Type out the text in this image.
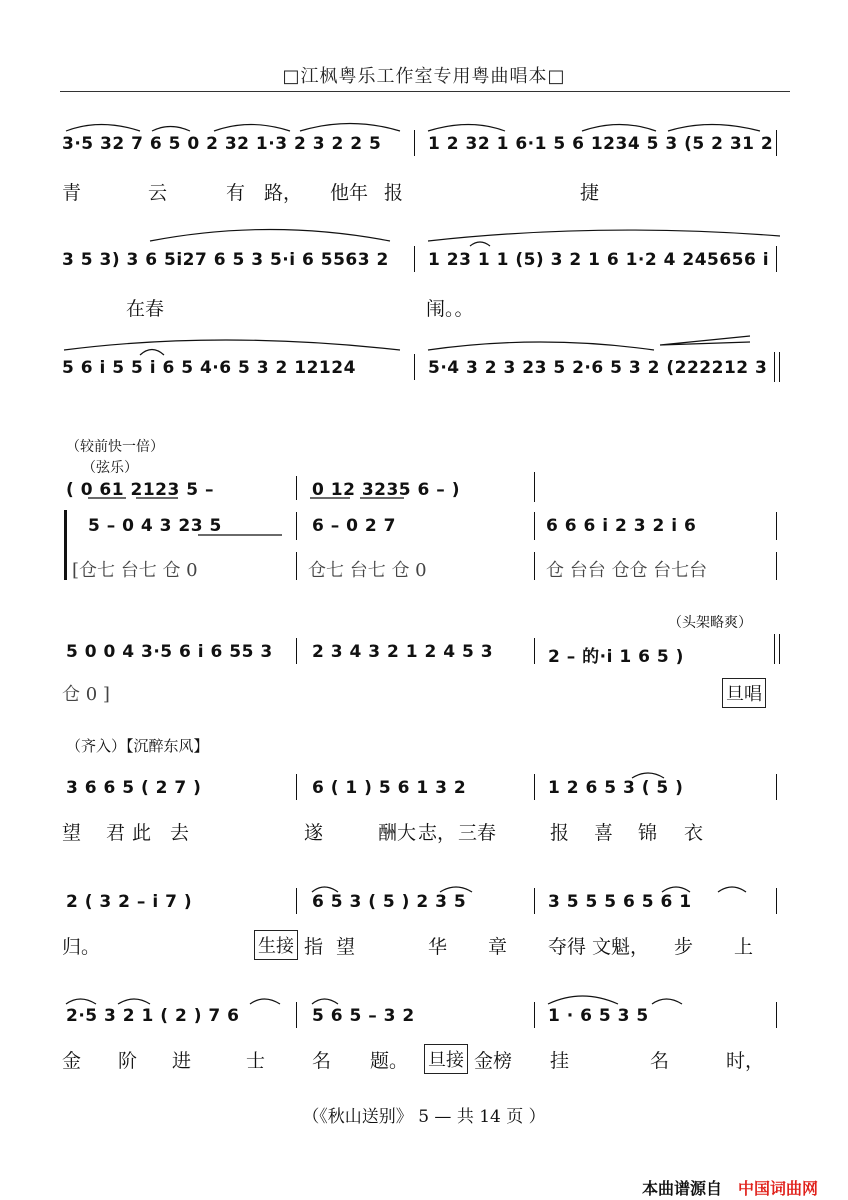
□江枫粤乐工作室专用粤曲唱本□
3·5 32 7 6 5 0 2 32 1·3 2 3 2 2 5	1 2 32 1 6·1 5 6 1234 5 3 (5 2 31 2
青	云	有 路， 他年 报	捷
3 5 3) 3 6 5i27 6 5 3 5·i 6 5563 2 1 23 1 1 (5) 3 2 1 6 1·2 4 245656 i
在春	闱。。
5 6 i 5 5 i 6 5 4·6 5 3 2 12124	5·4 3 2 3 23 5 2·6 5 3 2 (222212 3
（较前快一倍）
（弦乐）
( 0 61 2123 5 –	0 12 3235 6 – )
5 – 0 4 3 23 5	6 – 0 2 7	6 6 6 i 2 3 2 i 6
[仓七 台七 仓 0	仓七 台七 仓 0	仓 台台 仓仓 台七台
（头架略爽）
5 0 0 4 3·5 6 i 6 55 3 2 3 4 3 2 1 2 4 5 3	2 – 的·i 1 6 5 )
仓 0 ]	旦唱
（齐入）【沉醉东风】
3 6 6 5 ( 2 7 )	6 ( 1 ) 5 6 1 3 2	1 2 6 5 3 ( 5 )
望 君 此 去	遂	酬大 志， 三春	报 喜 锦 衣
2 ( 3 2 – i 7 )	6 5 3 ( 5 ) 2 3 5	3 5 5 5 6 5 6 1
归。	生接 指 望	华 章 夺得 文魁， 步 上
2·5 3 2 1 ( 2 ) 7 6	5 6 5 – 3 2	1 · 6 5 3 5
金 阶 进	士 名 题。 旦接 金榜 挂	名	时，
（《秋山送别》 5 — 共 14 页 ）
本曲谱源自 中国词曲网
